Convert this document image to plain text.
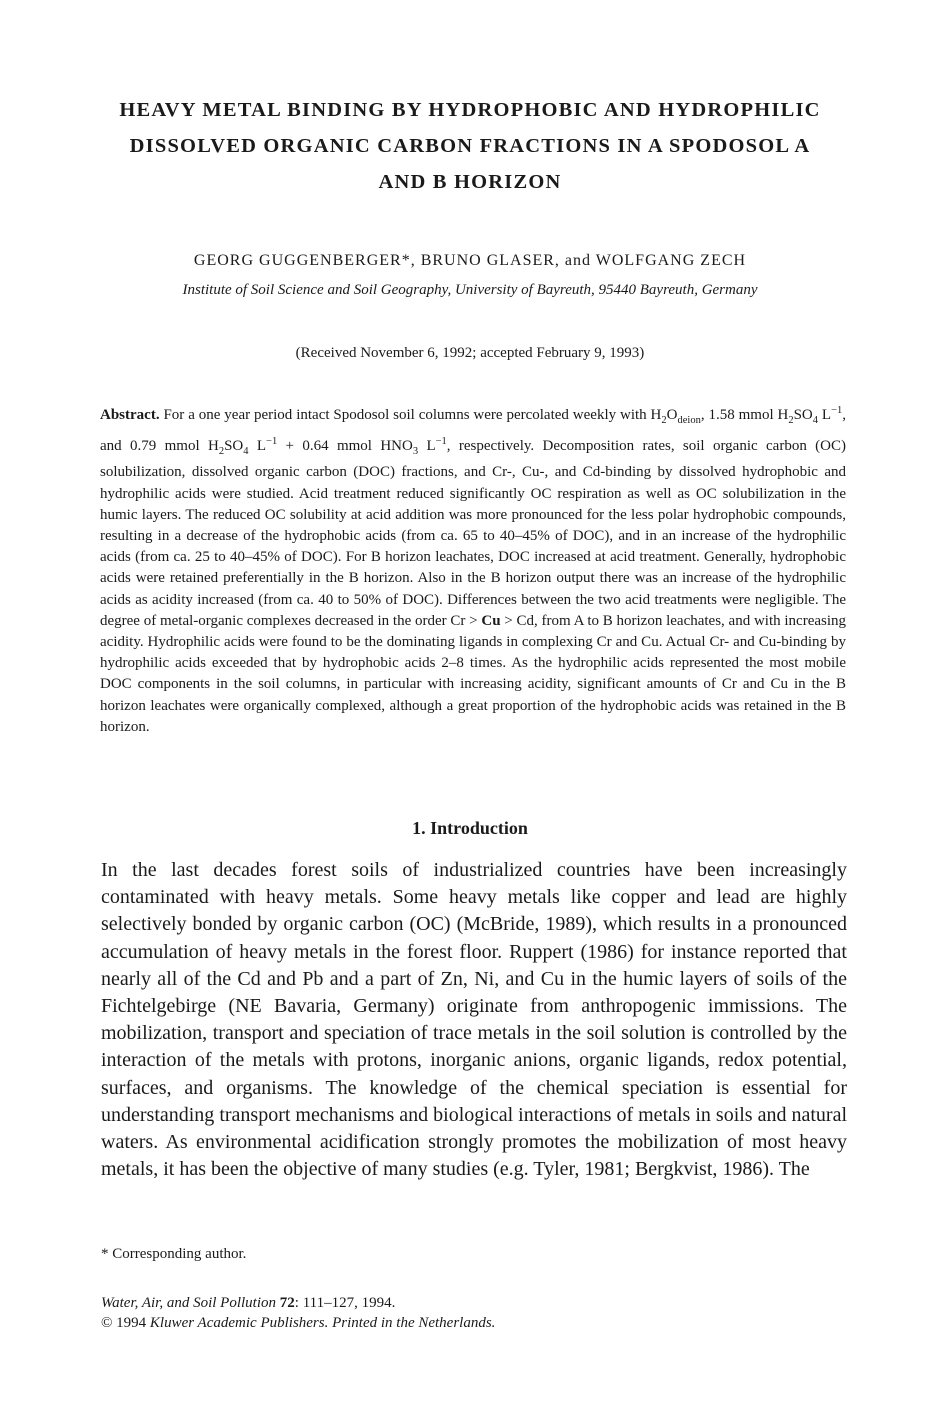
HEAVY METAL BINDING BY HYDROPHOBIC AND HYDROPHILIC
DISSOLVED ORGANIC CARBON FRACTIONS IN A SPODOSOL A
AND B HORIZON
GEORG GUGGENBERGER*, BRUNO GLASER, and WOLFGANG ZECH
Institute of Soil Science and Soil Geography, University of Bayreuth, 95440 Bayreuth, Germany
(Received November 6, 1992; accepted February 9, 1993)
Abstract. For a one year period intact Spodosol soil columns were percolated weekly with $H_2O_{deion}$, 1.58 mmol $H_2SO_4$ $L^{-1}$, and 0.79 mmol $H_2SO_4$ $L^{-1} + 0.64$ mmol $HNO_3$ $L^{-1}$, respectively. Decomposition rates, soil organic carbon (OC) solubilization, dissolved organic carbon (DOC) fractions, and Cr-, Cu-, and Cd-binding by dissolved hydrophobic and hydrophilic acids were studied. Acid treatment reduced significantly OC respiration as well as OC solubilization in the humic layers. The reduced OC solubility at acid addition was more pronounced for the less polar hydrophobic compounds, resulting in a decrease of the hydrophobic acids (from ca. 65 to 40–45% of DOC), and in an increase of the hydrophilic acids (from ca. 25 to 40–45% of DOC). For B horizon leachates, DOC increased at acid treatment. Generally, hydrophobic acids were retained preferentially in the B horizon. Also in the B horizon output there was an increase of the hydrophilic acids as acidity increased (from ca. 40 to 50% of DOC). Differences between the two acid treatments were negligible. The degree of metal-organic complexes decreased in the order Cr > Cu > Cd, from A to B horizon leachates, and with increasing acidity. Hydrophilic acids were found to be the dominating ligands in complexing Cr and Cu. Actual Cr- and Cu-binding by hydrophilic acids exceeded that by hydrophobic acids 2–8 times. As the hydrophilic acids represented the most mobile DOC components in the soil columns, in particular with increasing acidity, significant amounts of Cr and Cu in the B horizon leachates were organically complexed, although a great proportion of the hydrophobic acids was retained in the B horizon.
1. Introduction
In the last decades forest soils of industrialized countries have been increasingly contaminated with heavy metals. Some heavy metals like copper and lead are highly selectively bonded by organic carbon (OC) (McBride, 1989), which results in a pronounced accumulation of heavy metals in the forest floor. Ruppert (1986) for instance reported that nearly all of the Cd and Pb and a part of Zn, Ni, and Cu in the humic layers of soils of the Fichtelgebirge (NE Bavaria, Germany) originate from anthropogenic immissions. The mobilization, transport and speciation of trace metals in the soil solution is controlled by the interaction of the metals with protons, inorganic anions, organic ligands, redox potential, surfaces, and organisms. The knowledge of the chemical speciation is essential for understanding transport mechanisms and biological interactions of metals in soils and natural waters. As environmental acidification strongly promotes the mobilization of most heavy metals, it has been the objective of many studies (e.g. Tyler, 1981; Bergkvist, 1986). The
* Corresponding author.
Water, Air, and Soil Pollution 72: 111–127, 1994.
© 1994 Kluwer Academic Publishers. Printed in the Netherlands.
